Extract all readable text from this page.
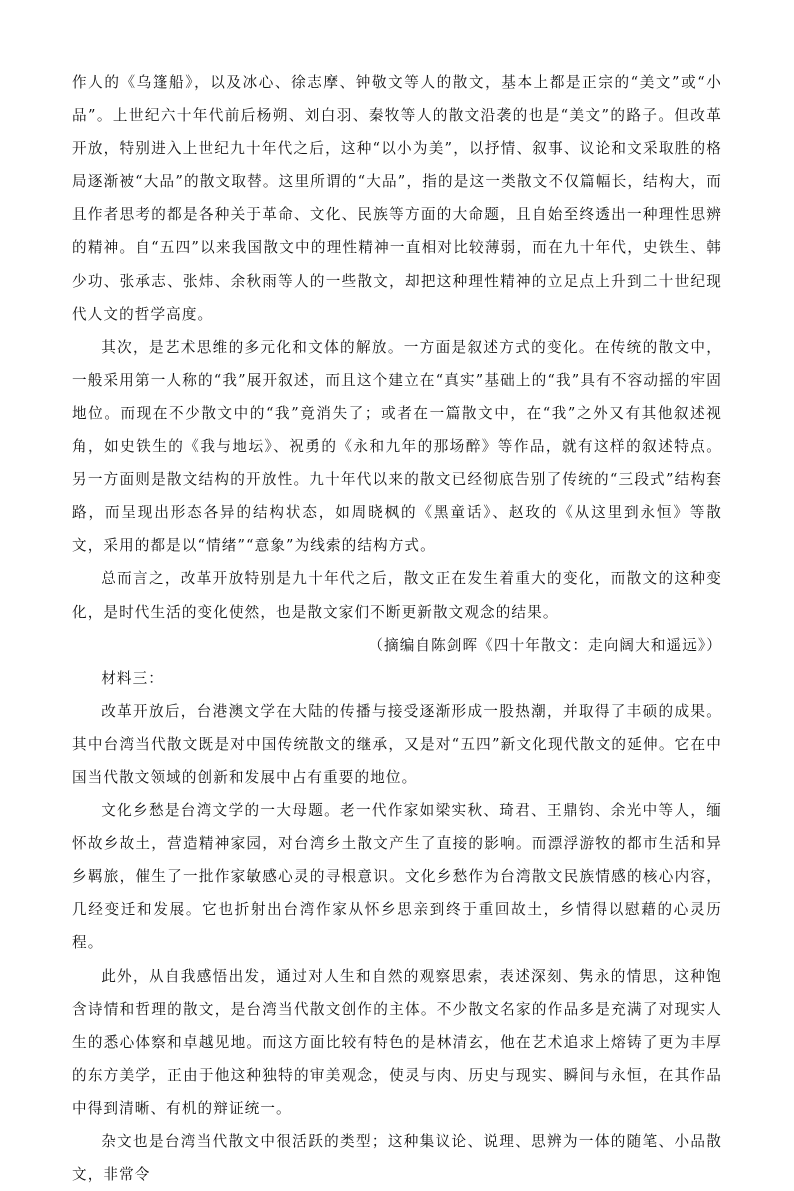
作人的《乌篷船》，以及冰心、徐志摩、钟敬文等人的散文，基本上都是正宗的“美文”或“小品”。上世纪六十年代前后杨朔、刘白羽、秦牧等人的散文沿袭的也是“美文”的路子。但改革开放，特别进入上世纪九十年代之后，这种“以小为美”，以抒情、叙事、议论和文采取胜的格局逐渐被“大品”的散文取替。这里所谓的“大品”，指的是这一类散文不仅篇幅长，结构大，而且作者思考的都是各种关于革命、文化、民族等方面的大命题，且自始至终透出一种理性思辨的精神。自“五四”以来我国散文中的理性精神一直相对比较薄弱，而在九十年代，史铁生、韩少功、张承志、张炜、余秋雨等人的一些散文，却把这种理性精神的立足点上升到二十世纪现代人文的哲学高度。

其次，是艺术思维的多元化和文体的解放。一方面是叙述方式的变化。在传统的散文中，一般采用第一人称的“我”展开叙述，而且这个建立在“真实”基础上的“我”具有不容动摇的牢固地位。而现在不少散文中的“我”竟消失了；或者在一篇散文中，在“我”之外又有其他叙述视角，如史铁生的《我与地坛》、祝勇的《永和九年的那场醉》等作品，就有这样的叙述特点。另一方面则是散文结构的开放性。九十年代以来的散文已经彻底告别了传统的“三段式”结构套路，而呈现出形态各异的结构状态，如周晓枫的《黑童话》、赵玫的《从这里到永恒》等散文，采用的都是以“情绪”“意象”为线索的结构方式。

总而言之，改革开放特别是九十年代之后，散文正在发生着重大的变化，而散文的这种变化，是时代生活的变化使然，也是散文家们不断更新散文观念的结果。

（摘编自陈剑晖《四十年散文：走向阔大和遥远》）

材料三：

改革开放后，台港澳文学在大陆的传播与接受逐渐形成一股热潮，并取得了丰硕的成果。其中台湾当代散文既是对中国传统散文的继承，又是对“五四”新文化现代散文的延伸。它在中国当代散文领域的创新和发展中占有重要的地位。

文化乡愁是台湾文学的一大母题。老一代作家如梁实秋、琦君、王鼎钧、余光中等人，缅怀故乡故土，营造精神家园，对台湾乡土散文产生了直接的影响。而漂浮游牧的都市生活和异乡羁旅，催生了一批作家敏感心灵的寻根意识。文化乡愁作为台湾散文民族情感的核心内容，几经变迁和发展。它也折射出台湾作家从怀乡思亲到终于重回故土，乡情得以慰藉的心灵历程。

此外，从自我感悟出发，通过对人生和自然的观察思索，表述深刻、隽永的情思，这种饱含诗情和哲理的散文，是台湾当代散文创作的主体。不少散文名家的作品多是充满了对现实人生的悉心体察和卓越见地。而这方面比较有特色的是林清玄，他在艺术追求上熔铸了更为丰厚的东方美学，正由于他这种独特的审美观念，使灵与肉、历史与现实、瞬间与永恒，在其作品中得到清晰、有机的辩证统一。

杂文也是台湾当代散文中很活跃的类型；这种集议论、说理、思辨为一体的随笔、小品散文，非常令
